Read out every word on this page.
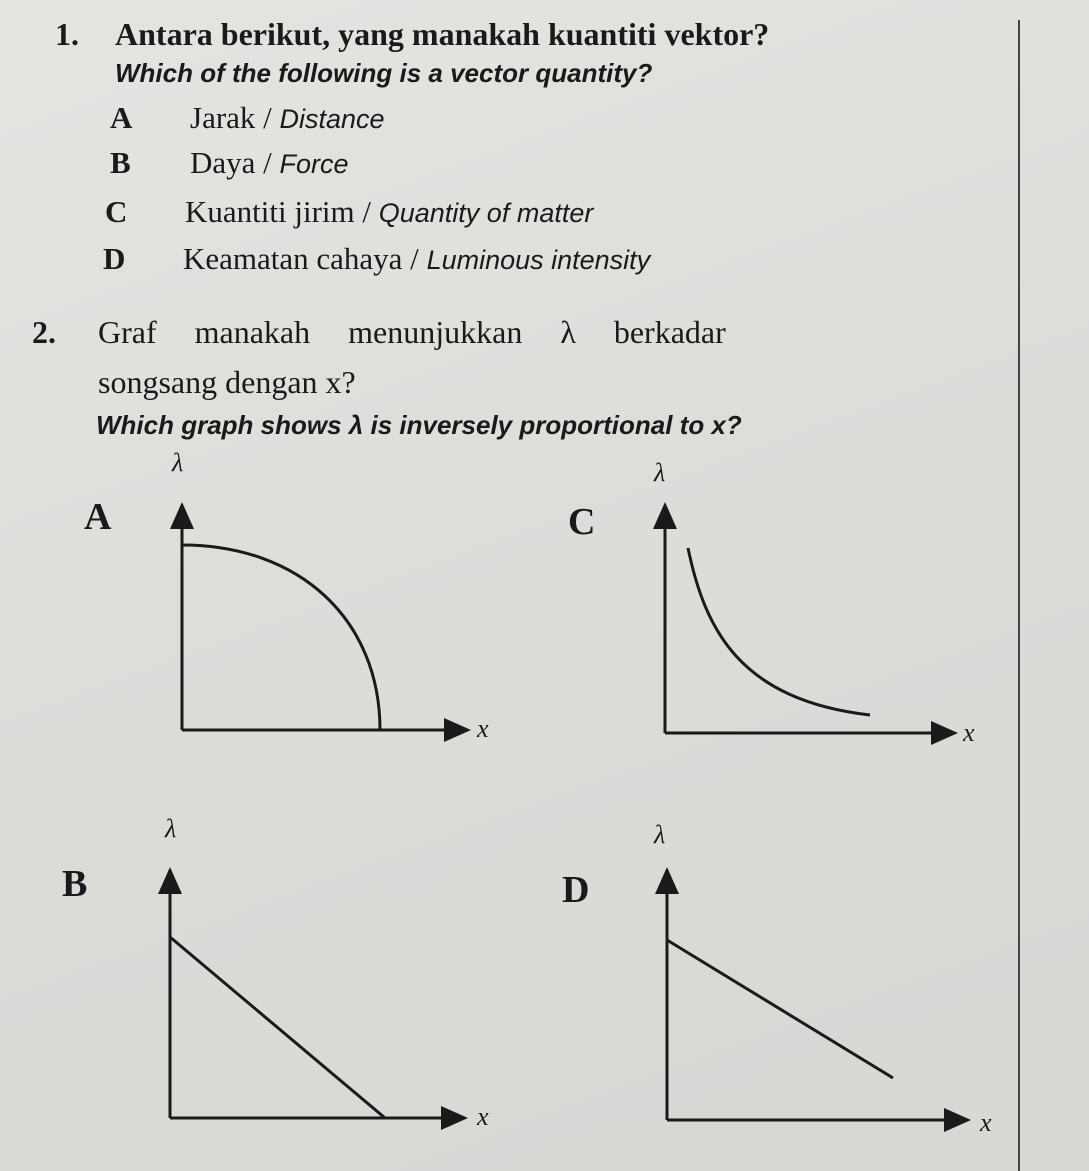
1. Antara berikut, yang manakah kuantiti vektor?
Which of the following is a vector quantity?
A Jarak / Distance
B Daya / Force
C Kuantiti jirim / Quantity of matter
D Keamatan cahaya / Luminous intensity
2. Graf manakah menunjukkan λ berkadar
songsang dengan x?
Which graph shows λ is inversely proportional to x?
A	C
B	D
λ
x
λ
x
λ
x
λ
x
